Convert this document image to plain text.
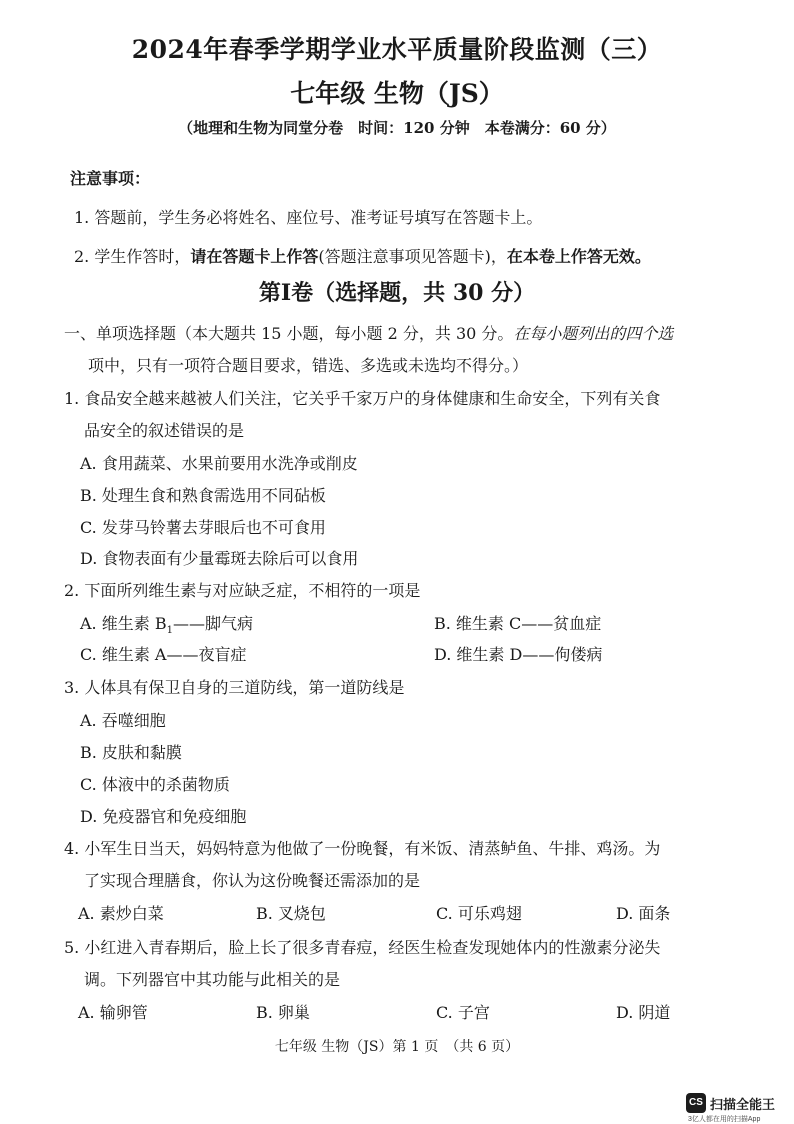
2024年春季学期学业水平质量阶段监测（三）
七年级 生物（JS）
（地理和生物为同堂分卷　时间：120 分钟　本卷满分：60 分）
注意事项：
1. 答题前，学生务必将姓名、座位号、准考证号填写在答题卡上。
2. 学生作答时，请在答题卡上作答(答题注意事项见答题卡)，在本卷上作答无效。
第Ⅰ卷（选择题，共 30 分）
一、单项选择题（本大题共 15 小题，每小题 2 分，共 30 分。在每小题列出的四个选
项中，只有一项符合题目要求，错选、多选或未选均不得分。）
1. 食品安全越来越被人们关注，它关乎千家万户的身体健康和生命安全，下列有关食
品安全的叙述错误的是
A. 食用蔬菜、水果前要用水洗净或削皮
B. 处理生食和熟食需选用不同砧板
C. 发芽马铃薯去芽眼后也不可食用
D. 食物表面有少量霉斑去除后可以食用
2. 下面所列维生素与对应缺乏症，不相符的一项是
A. 维生素 $B_1——$脚气病	B. 维生素 C——贫血症
C. 维生素 A——夜盲症	D. 维生素 D——佝偻病
3. 人体具有保卫自身的三道防线，第一道防线是
A. 吞噬细胞
B. 皮肤和黏膜
C. 体液中的杀菌物质
D. 免疫器官和免疫细胞
4. 小军生日当天，妈妈特意为他做了一份晚餐，有米饭、清蒸鲈鱼、牛排、鸡汤。为
了实现合理膳食，你认为这份晚餐还需添加的是
A. 素炒白菜	B. 叉烧包	C. 可乐鸡翅	D. 面条
5. 小红进入青春期后，脸上长了很多青春痘，经医生检查发现她体内的性激素分泌失
调。下列器官中其功能与此相关的是
A. 输卵管	B. 卵巢	C. 子宫	D. 阴道
七年级 生物（JS）第 1 页　（共 6 页）
CS 扫描全能王
3亿人都在用的扫描App
